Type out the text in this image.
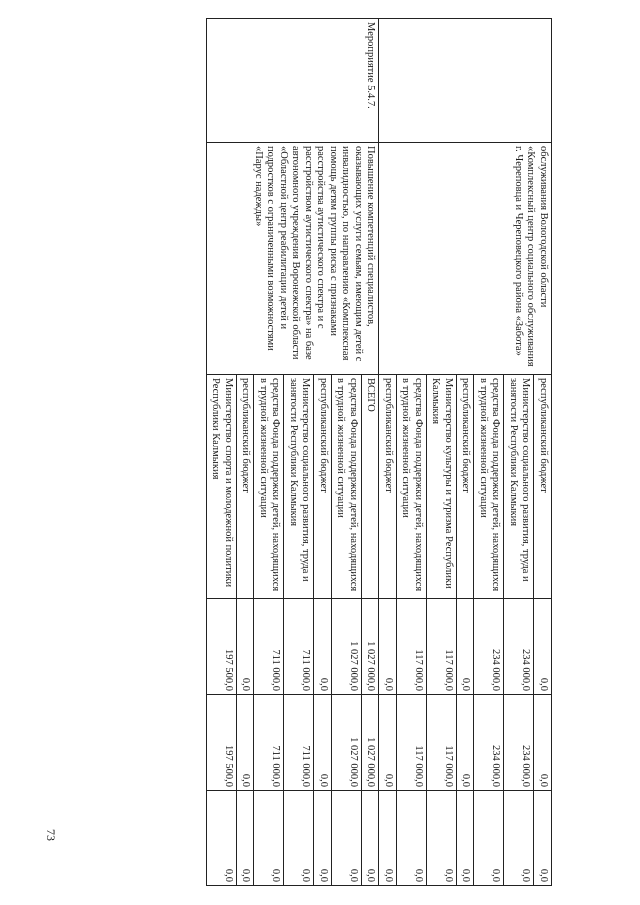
	обслуживания Вологодской области «Комплексный центр социального обслуживания г. Череповца и Череповецкого района «Забота»	республиканский бюджет	0,0	0,0	0,0
		Министерство социального развития, труда и занятости Республики Калмыкия	234 000,0	234 000,0	0,0
		средства Фонда поддержки детей, находящихся в трудной жизненной ситуации	234 000,0	234 000,0	0,0
		республиканский бюджет	0,0	0,0	0,0
		Министерство культуры и туризма Республики Калмыкия	117 000,0	117 000,0	0,0
		средства Фонда поддержки детей, находящихся в трудной жизненной ситуации	117 000,0	117 000,0	0,0
		республиканский бюджет	0,0	0,0	0,0
Мероприятие 5.4.7.	Повышение компетенций специалистов, оказывающих услуги семьям, имеющим детей с инвалидностью, по направлению «Комплексная помощь детям группы риска с признаками расстройства аутистического спектра и с расстройством аутистического спектра» на базе автономного учреждения Воронежской области «Областной центр реабилитации детей и подростков с ограниченными возможностями «Парус надежды»	ВСЕГО	1 027 000,0	1 027 000,0	0,0
		средства Фонда поддержки детей, находящихся в трудной жизненной ситуации	1 027 000,0	1 027 000,0	0,0
		республиканский бюджет	0,0	0,0	0,0
		Министерство социального развития, труда и занятости Республики Калмыкия	711 000,0	711 000,0	0,0
		средства Фонда поддержки детей, находящихся в трудной жизненной ситуации	711 000,0	711 000,0	0,0
		республиканский бюджет	0,0	0,0	0,0
		Министерство спорта и молодежной политики Республики Калмыкия	197 500,0	197 500,0	0,0
73
